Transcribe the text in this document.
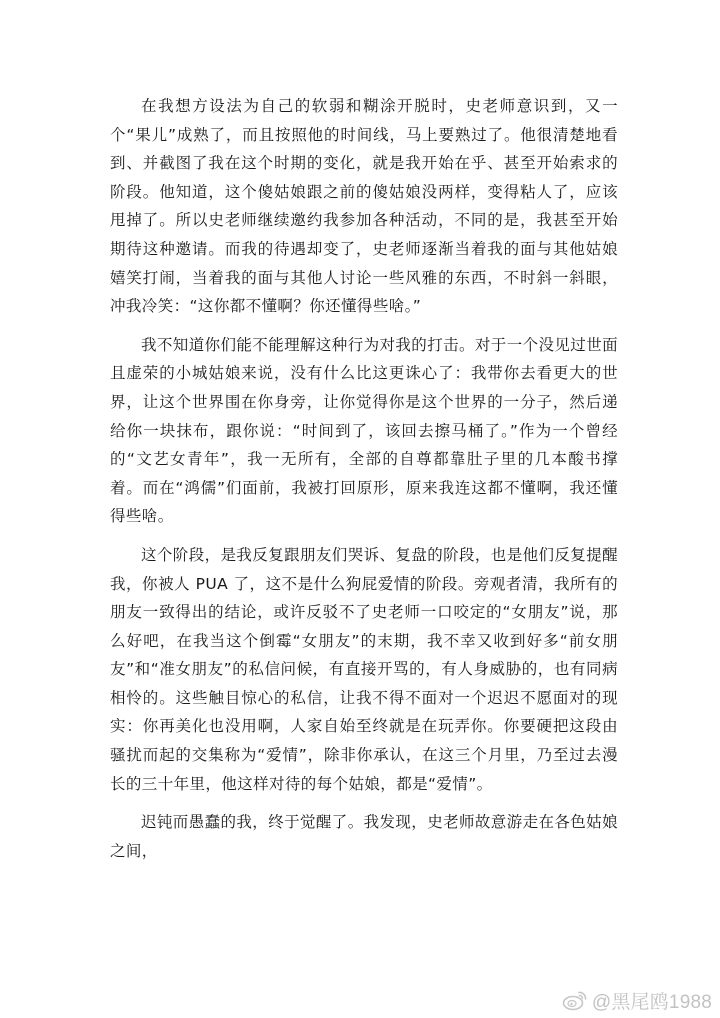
在我想方设法为自己的软弱和糊涂开脱时，史老师意识到，又一个“果儿”成熟了，而且按照他的时间线，马上要熟过了。他很清楚地看到、并截图了我在这个时期的变化，就是我开始在乎、甚至开始索求的阶段。他知道，这个傻姑娘跟之前的傻姑娘没两样，变得粘人了，应该甩掉了。所以史老师继续邀约我参加各种活动，不同的是，我甚至开始期待这种邀请。而我的待遇却变了，史老师逐渐当着我的面与其他姑娘嬉笑打闹，当着我的面与其他人讨论一些风雅的东西，不时斜一斜眼，冲我冷笑：“这你都不懂啊？你还懂得些啥。”

我不知道你们能不能理解这种行为对我的打击。对于一个没见过世面且虚荣的小城姑娘来说，没有什么比这更诛心了：我带你去看更大的世界，让这个世界围在你身旁，让你觉得你是这个世界的一分子，然后递给你一块抹布，跟你说：“时间到了，该回去擦马桶了。”作为一个曾经的“文艺女青年”，我一无所有，全部的自尊都靠肚子里的几本酸书撑着。而在“鸿儒”们面前，我被打回原形，原来我连这都不懂啊，我还懂得些啥。

这个阶段，是我反复跟朋友们哭诉、复盘的阶段，也是他们反复提醒我，你被人 PUA 了，这不是什么狗屁爱情的阶段。旁观者清，我所有的朋友一致得出的结论，或许反驳不了史老师一口咬定的“女朋友”说，那么好吧，在我当这个倒霉“女朋友”的末期，我不幸又收到好多“前女朋友”和“准女朋友”的私信问候，有直接开骂的，有人身威胁的，也有同病相怜的。这些触目惊心的私信，让我不得不面对一个迟迟不愿面对的现实：你再美化也没用啊，人家自始至终就是在玩弄你。你要硬把这段由骚扰而起的交集称为“爱情”，除非你承认，在这三个月里，乃至过去漫长的三十年里，他这样对待的每个姑娘，都是“爱情”。

迟钝而愚蠢的我，终于觉醒了。我发现，史老师故意游走在各色姑娘之间，

@黑尾鸥1988
